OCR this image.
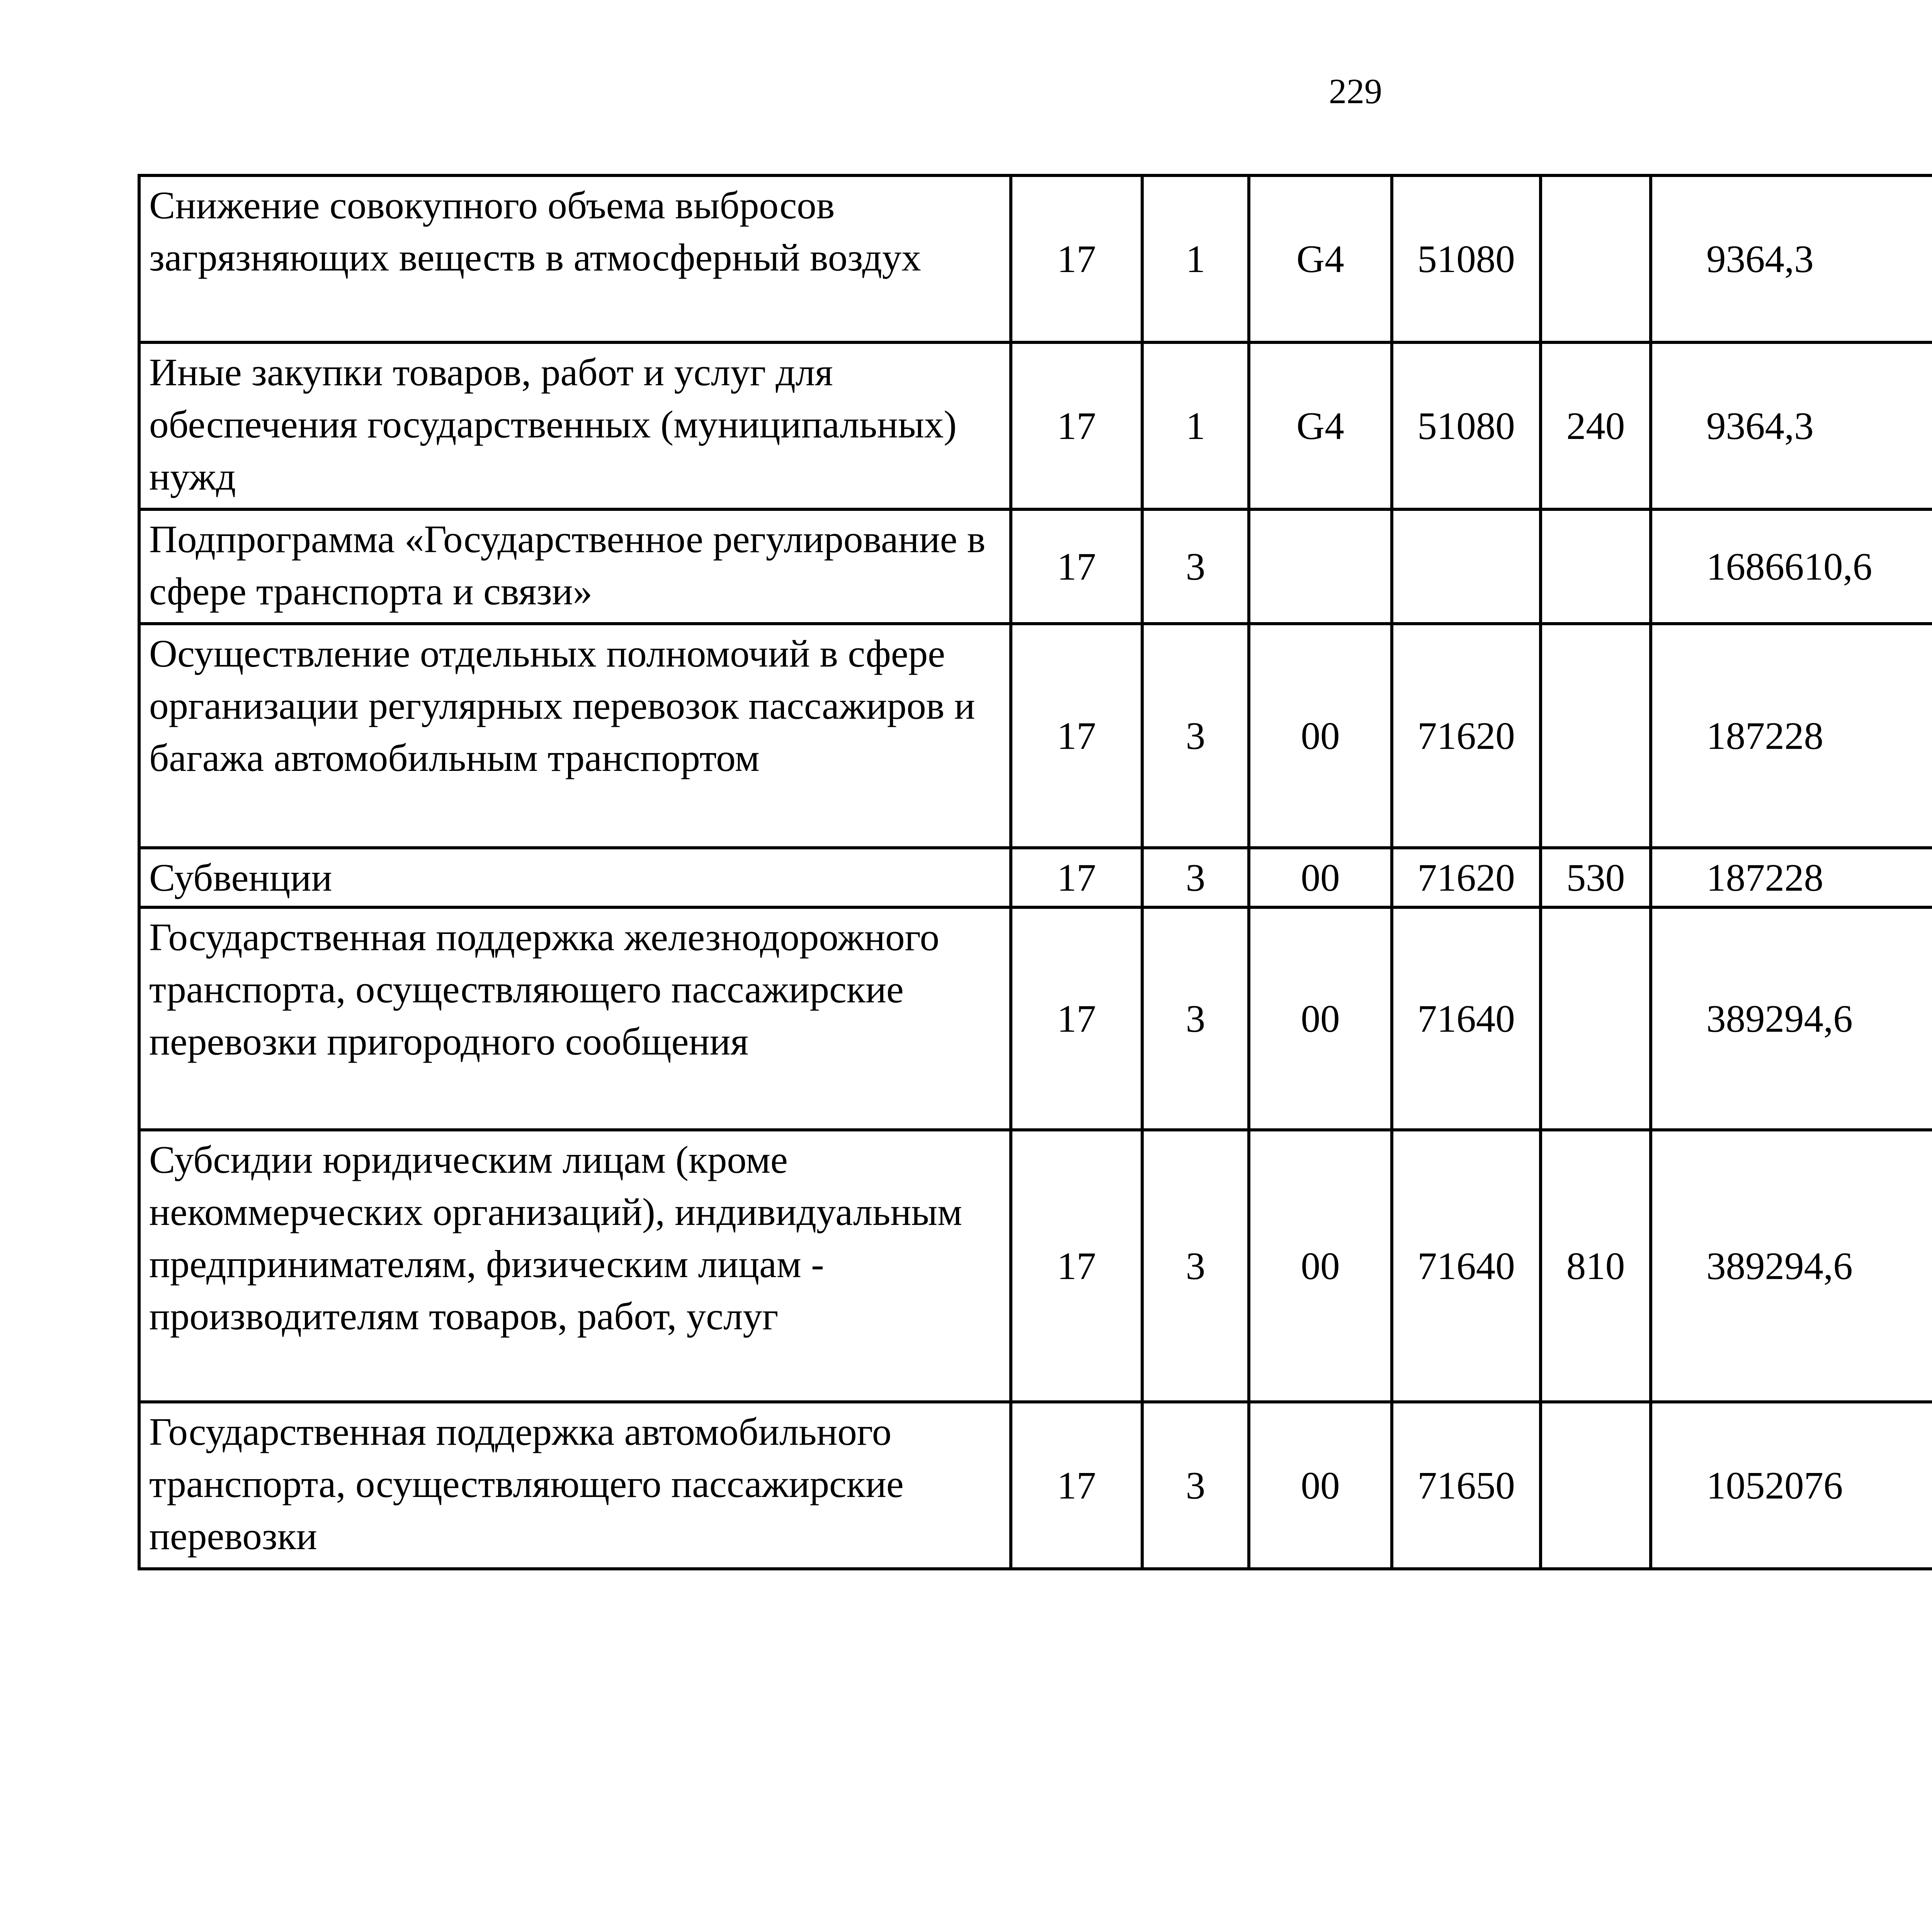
229
Снижение совокупного объема выбросов загрязняющих веществ в атмосферный воздух	17	1	G4	51080		9364,3		
Иные закупки товаров, работ и услуг для обеспечения государственных (муниципальных) нужд	17	1	G4	51080	240	9364,3		
Подпрограмма «Государственное регулирование в сфере транспорта и связи»	17	3				1686610,6		
Осуществление отдельных полномочий в сфере организации регулярных перевозок пассажиров и багажа автомобильным транспортом	17	3	00	71620		187228		
Субвенции	17	3	00	71620	530	187228		
Государственная поддержка железнодорожного транспорта, осуществляющего пассажирские перевозки пригородного сообщения	17	3	00	71640		389294,6		
Субсидии юридическим лицам (кроме некоммерческих организаций), индивидуальным предпринимателям, физическим лицам - производителям товаров, работ, услуг	17	3	00	71640	810	389294,6		
Государственная поддержка автомобильного транспорта, осуществляющего пассажирские перевозки	17	3	00	71650		1052076		
